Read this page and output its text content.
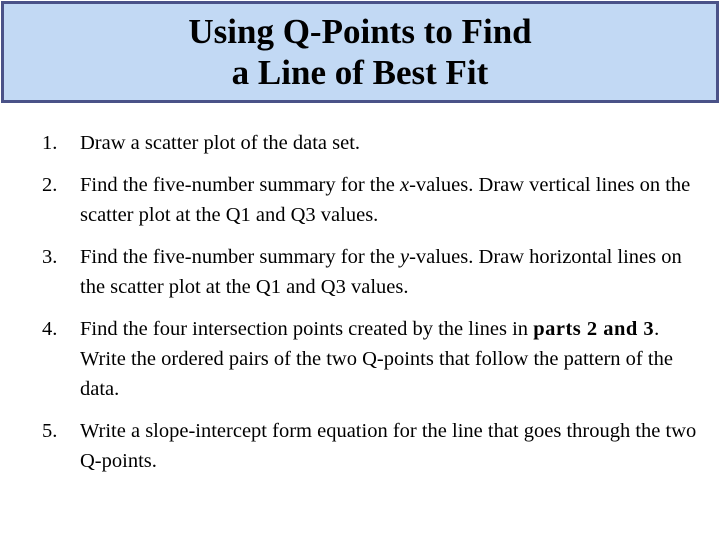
Using Q-Points to Find
a Line of Best Fit
1. Draw a scatter plot of the data set.
2. Find the five-number summary for the x-values. Draw vertical lines on the scatter plot at the Q1 and Q3 values.
3. Find the five-number summary for the y-values. Draw horizontal lines on the scatter plot at the Q1 and Q3 values.
4. Find the four intersection points created by the lines in parts 2 and 3. Write the ordered pairs of the two Q-points that follow the pattern of the data.
5. Write a slope-intercept form equation for the line that goes through the two Q-points.
